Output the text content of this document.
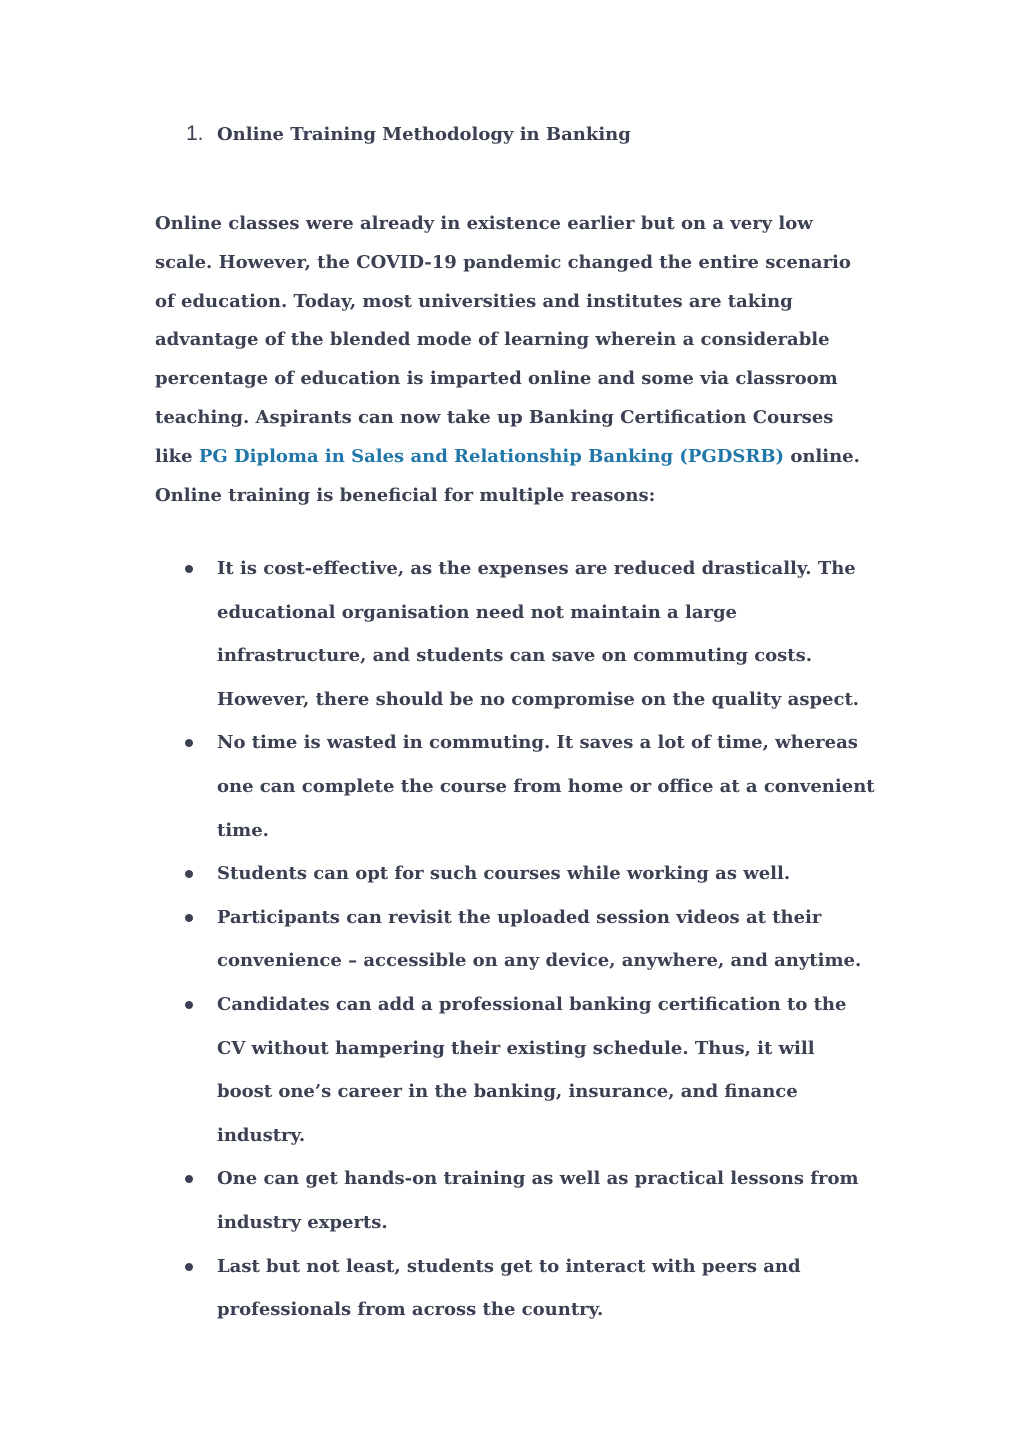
1. Online Training Methodology in Banking

Online classes were already in existence earlier but on a very low scale. However, the COVID-19 pandemic changed the entire scenario of education. Today, most universities and institutes are taking advantage of the blended mode of learning wherein a considerable percentage of education is imparted online and some via classroom teaching. Aspirants can now take up Banking Certification Courses like PG Diploma in Sales and Relationship Banking (PGDSRB) online. Online training is beneficial for multiple reasons:

It is cost-effective, as the expenses are reduced drastically. The educational organisation need not maintain a large infrastructure, and students can save on commuting costs. However, there should be no compromise on the quality aspect.
No time is wasted in commuting. It saves a lot of time, whereas one can complete the course from home or office at a convenient time.
Students can opt for such courses while working as well.
Participants can revisit the uploaded session videos at their convenience – accessible on any device, anywhere, and anytime.
Candidates can add a professional banking certification to the CV without hampering their existing schedule. Thus, it will boost one’s career in the banking, insurance, and finance industry.
One can get hands-on training as well as practical lessons from industry experts.
Last but not least, students get to interact with peers and professionals from across the country.
